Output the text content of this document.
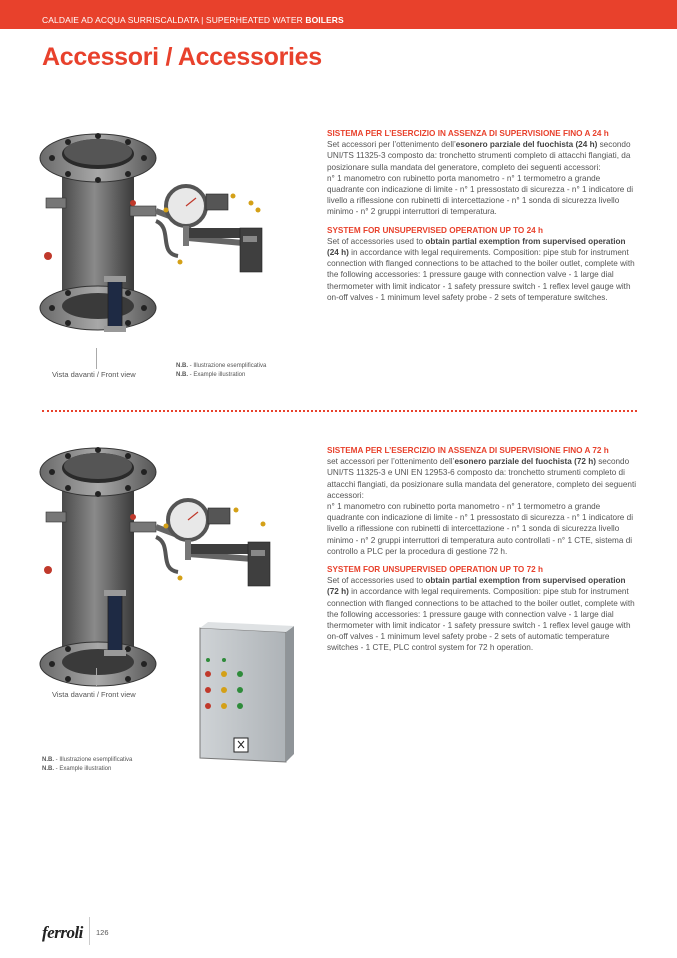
CALDAIE AD ACQUA SURRISCALDATA | SUPERHEATED WATER BOILERS
Accessori / Accessories
Vista davanti / Front view
N.B. - Illustrazione esemplificativa
N.B. - Example illustration
SISTEMA PER L’ESERCIZIO IN ASSENZA DI SUPERVISIONE FINO A 24 h
Set accessori per l’ottenimento dell’esonero parziale del fuochista (24 h) secondo UNI/TS 11325-3 composto da: tronchetto strumenti completo di attacchi flangiati, da posizionare sulla mandata del generatore, completo dei seguenti accessori:
n° 1 manometro con rubinetto porta manometro - n° 1 termometro a grande quadrante con indicazione di limite - n° 1 pressostato di sicurezza - n° 1 indicatore di livello a riflessione con rubinetti di intercettazione - n° 1 sonda di sicurezza livello minimo - n° 2 gruppi interruttori di temperatura.
SYSTEM FOR UNSUPERVISED OPERATION UP TO 24 h
Set of accessories used to obtain partial exemption from supervised operation (24 h) in accordance with legal requirements. Composition: pipe stub for instrument connection with flanged connections to be attached to the boiler outlet, complete with the following accessories: 1 pressure gauge with connection valve - 1 large dial thermometer with limit indicator - 1 safety pressure switch - 1 reflex level gauge with on-off valves - 1 minimum level safety probe - 2 sets of temperature switches.
Vista davanti / Front view
N.B. - Illustrazione esemplificativa
N.B. - Example illustration
SISTEMA PER L’ESERCIZIO IN ASSENZA DI SUPERVISIONE FINO A 72 h
set accessori per l’ottenimento dell’esonero parziale del fuochista (72 h) secondo UNI/TS 11325-3 e UNI EN 12953-6 composto da: tronchetto strumenti completo di attacchi flangiati, da posizionare sulla mandata del generatore, completo dei seguenti accessori:
n° 1 manometro con rubinetto porta manometro - n° 1 termometro a grande quadrante con indicazione di limite - n° 1 pressostato di sicurezza - n° 1 indicatore di livello a riflessione con rubinetti di intercettazione - n° 1 sonda di sicurezza livello minimo - n° 2 gruppi interruttori di temperatura auto controllati - n° 1 CTE, sistema di controllo a PLC per la procedura di gestione 72 h.
SYSTEM FOR UNSUPERVISED OPERATION UP TO 72 h
Set of accessories used to obtain partial exemption from supervised operation (72 h) in accordance with legal requirements. Composition: pipe stub for instrument connection with flanged connections to be attached to the boiler outlet, complete with the following accessories: 1 pressure gauge with connection valve - 1 large dial thermometer with limit indicator - 1 safety pressure switch - 1 reflex level gauge with on-off valves - 1 minimum level safety probe - 2 sets of automatic temperature switches - 1 CTE, PLC control system for 72 h operation.
ferroli 126
